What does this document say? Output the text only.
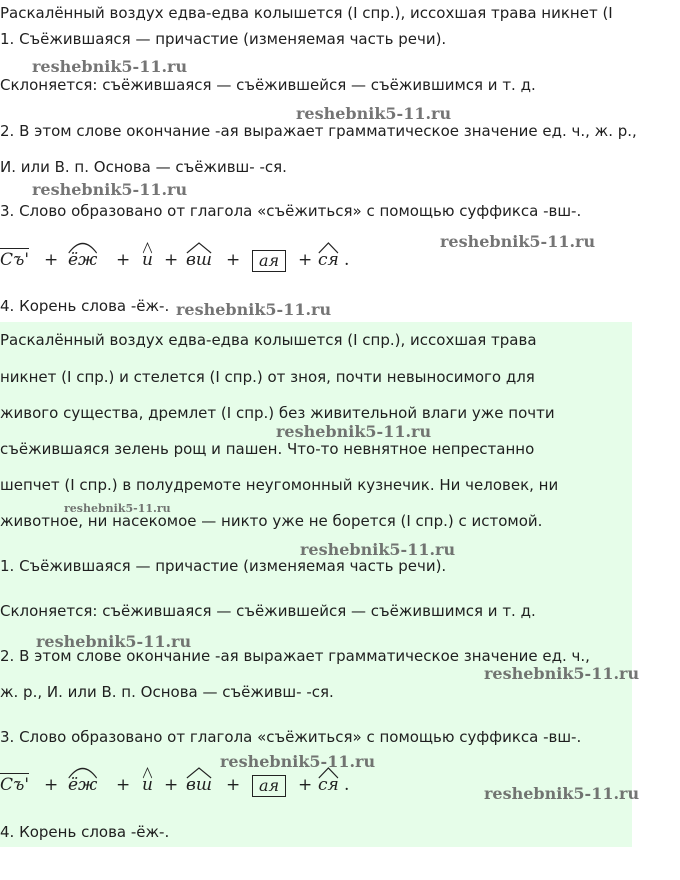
Раскалённый воздух едва-едва колышется (I спр.), иссохшая трава никнет (I
1. Съёжившаяся — причастие (изменяемая часть речи).
Склоняется: съёжившаяся — съёжившейся — съёжившимся и т. д.
2. В этом слове окончание -ая выражает грамматическое значение ед. ч., ж. р.,
И. или В. п. Основа — съёживш- -ся.
3. Слово образовано от глагола «съёжиться» с помощью суффикса -вш-.
Съ' + ёж + и + вш +	ая	+ ся .
4. Корень слова -ёж-.
Раскалённый воздух едва-едва колышется (I спр.), иссохшая трава
никнет (I спр.) и стелется (I спр.) от зноя, почти невыносимого для
живого существа, дремлет (I спр.) без живительной влаги уже почти
съёжившаяся зелень рощ и пашен. Что-то невнятное непрестанно
шепчет (I спр.) в полудремоте неугомонный кузнечик. Ни человек, ни
животное, ни насекомое — никто уже не борется (I спр.) с истомой.
1. Съёжившаяся — причастие (изменяемая часть речи).
Склоняется: съёжившаяся — съёжившейся — съёжившимся и т. д.
2. В этом слове окончание -ая выражает грамматическое значение ед. ч.,
ж. р., И. или В. п. Основа — съёживш- -ся.
3. Слово образовано от глагола «съёжиться» с помощью суффикса -вш-.
Съ' + ёж + и + вш +	ая	+ ся .
4. Корень слова -ёж-.
reshebnik5-11.ru
reshebnik5-11.ru
reshebnik5-11.ru
reshebnik5-11.ru
reshebnik5-11.ru
reshebnik5-11.ru
reshebnik5-11.ru
reshebnik5-11.ru
reshebnik5-11.ru
reshebnik5-11.ru
reshebnik5-11.ru
reshebnik5-11.ru
